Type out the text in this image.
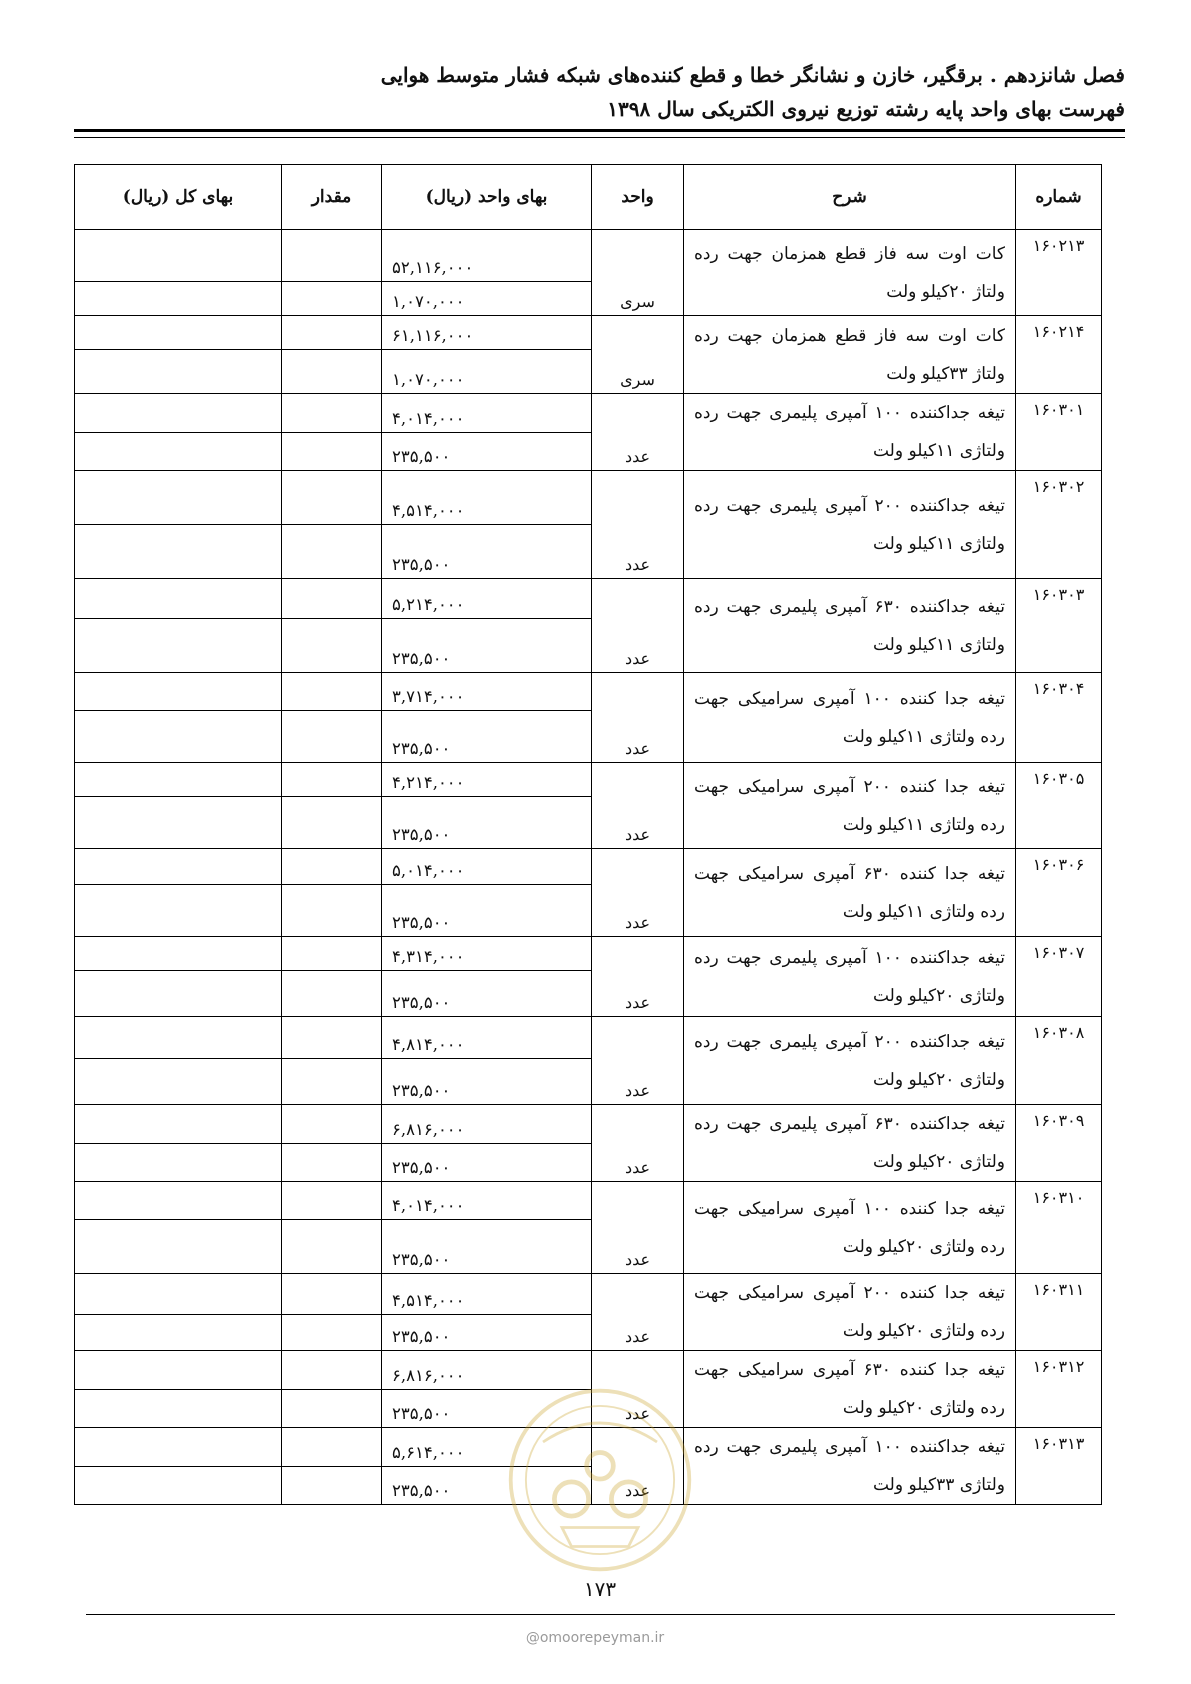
فصل شانزدهم . برقگیر، خازن و نشانگر خطا و قطع کننده‌های شبکه فشار متوسط هوایی
فهرست بهای واحد پایه رشته توزیع نیروی الکتریکی سال ۱۳۹۸
شماره	شرح	واحد	بهای واحد (ریال)	مقدار	بهای کل (ریال)
۱۶۰۲۱۳	کات اوت سه فاز قطع همزمان جهت رده ولتاژ ۲۰کیلو ولت	سری	۵۲,۱۱۶,۰۰۰		
			۱,۰۷۰,۰۰۰		
۱۶۰۲۱۴	کات اوت سه فاز قطع همزمان جهت رده ولتاژ ۳۳کیلو ولت	سری	۶۱,۱۱۶,۰۰۰		
			۱,۰۷۰,۰۰۰		
۱۶۰۳۰۱	تیغه جداکننده ۱۰۰ آمپری پلیمری جهت رده ولتاژی ۱۱کیلو ولت	عدد	۴,۰۱۴,۰۰۰		
			۲۳۵,۵۰۰		
۱۶۰۳۰۲	تیغه جداکننده ۲۰۰ آمپری پلیمری جهت رده ولتاژی ۱۱کیلو ولت	عدد	۴,۵۱۴,۰۰۰		
			۲۳۵,۵۰۰		
۱۶۰۳۰۳	تیغه جداکننده ۶۳۰ آمپری پلیمری جهت رده ولتاژی ۱۱کیلو ولت	عدد	۵,۲۱۴,۰۰۰		
			۲۳۵,۵۰۰		
۱۶۰۳۰۴	تیغه جدا کننده ۱۰۰ آمپری سرامیکی جهت رده ولتاژی ۱۱کیلو ولت	عدد	۳,۷۱۴,۰۰۰		
			۲۳۵,۵۰۰		
۱۶۰۳۰۵	تیغه جدا کننده ۲۰۰ آمپری سرامیکی جهت رده ولتاژی ۱۱کیلو ولت	عدد	۴,۲۱۴,۰۰۰		
			۲۳۵,۵۰۰		
۱۶۰۳۰۶	تیغه جدا کننده ۶۳۰ آمپری سرامیکی جهت رده ولتاژی ۱۱کیلو ولت	عدد	۵,۰۱۴,۰۰۰		
			۲۳۵,۵۰۰		
۱۶۰۳۰۷	تیغه جداکننده ۱۰۰ آمپری پلیمری جهت رده ولتاژی ۲۰کیلو ولت	عدد	۴,۳۱۴,۰۰۰		
			۲۳۵,۵۰۰		
۱۶۰۳۰۸	تیغه جداکننده ۲۰۰ آمپری پلیمری جهت رده ولتاژی ۲۰کیلو ولت	عدد	۴,۸۱۴,۰۰۰		
			۲۳۵,۵۰۰		
۱۶۰۳۰۹	تیغه جداکننده ۶۳۰ آمپری پلیمری جهت رده ولتاژی ۲۰کیلو ولت	عدد	۶,۸۱۶,۰۰۰		
			۲۳۵,۵۰۰		
۱۶۰۳۱۰	تیغه جدا کننده ۱۰۰ آمپری سرامیکی جهت رده ولتاژی ۲۰کیلو ولت	عدد	۴,۰۱۴,۰۰۰		
			۲۳۵,۵۰۰		
۱۶۰۳۱۱	تیغه جدا کننده ۲۰۰ آمپری سرامیکی جهت رده ولتاژی ۲۰کیلو ولت	عدد	۴,۵۱۴,۰۰۰		
			۲۳۵,۵۰۰		
۱۶۰۳۱۲	تیغه جدا کننده ۶۳۰ آمپری سرامیکی جهت رده ولتاژی ۲۰کیلو ولت	عدد	۶,۸۱۶,۰۰۰		
			۲۳۵,۵۰۰		
۱۶۰۳۱۳	تیغه جداکننده ۱۰۰ آمپری پلیمری جهت رده ولتاژی ۳۳کیلو ولت	عدد	۵,۶۱۴,۰۰۰		
			۲۳۵,۵۰۰		
۱۷۳
@omoorepeyman.ir
